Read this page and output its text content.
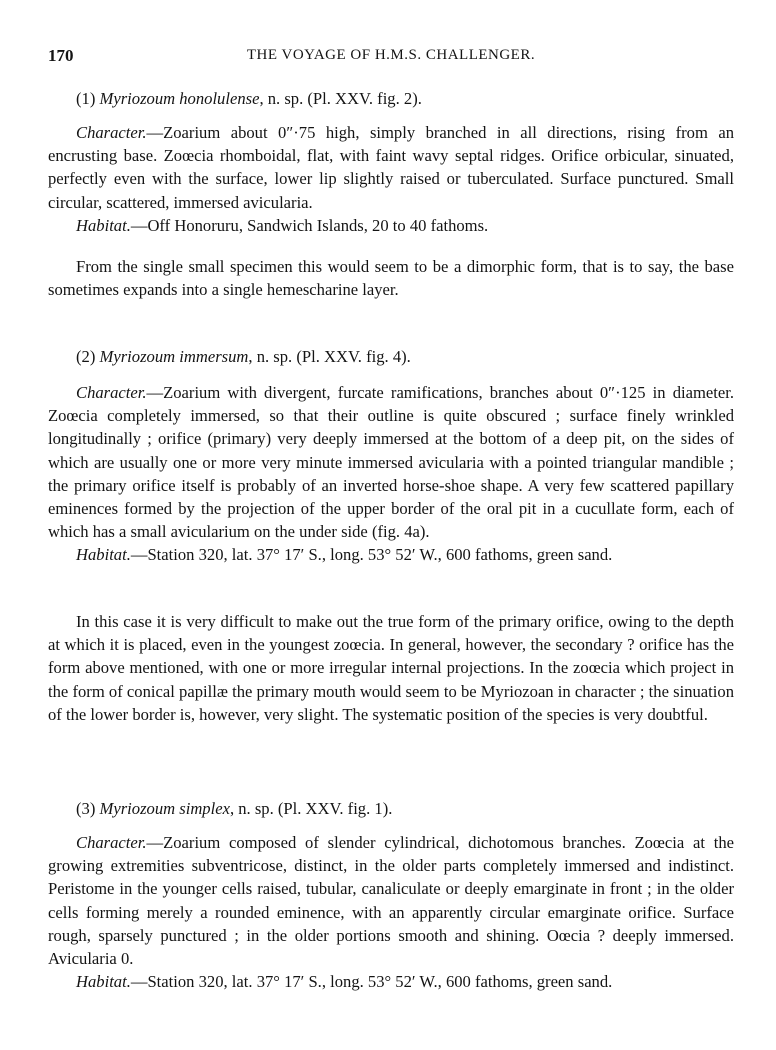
170	THE VOYAGE OF H.M.S. CHALLENGER.
(1) Myriozoum honolulense, n. sp. (Pl. XXV. fig. 2).

Character.—Zoarium about 0″·75 high, simply branched in all directions, rising from an encrusting base. Zoœcia rhomboidal, flat, with faint wavy septal ridges. Orifice orbicular, sinuated, perfectly even with the surface, lower lip slightly raised or tuberculated. Surface punctured. Small circular, scattered, immersed avicularia.

Habitat.—Off Honoruru, Sandwich Islands, 20 to 40 fathoms.

From the single small specimen this would seem to be a dimorphic form, that is to say, the base sometimes expands into a single hemescharine layer.

(2) Myriozoum immersum, n. sp. (Pl. XXV. fig. 4).

Character.—Zoarium with divergent, furcate ramifications, branches about 0″·125 in diameter. Zoœcia completely immersed, so that their outline is quite obscured ; surface finely wrinkled longitudinally ; orifice (primary) very deeply immersed at the bottom of a deep pit, on the sides of which are usually one or more very minute immersed avicularia with a pointed triangular mandible ; the primary orifice itself is probably of an inverted horse-shoe shape. A very few scattered papillary eminences formed by the projection of the upper border of the oral pit in a cucullate form, each of which has a small avicularium on the under side (fig. 4a).

Habitat.—Station 320, lat. 37° 17′ S., long. 53° 52′ W., 600 fathoms, green sand.

In this case it is very difficult to make out the true form of the primary orifice, owing to the depth at which it is placed, even in the youngest zoœcia. In general, however, the secondary ? orifice has the form above mentioned, with one or more irregular internal projections. In the zoœcia which project in the form of conical papillæ the primary mouth would seem to be Myriozoan in character ; the sinuation of the lower border is, however, very slight. The systematic position of the species is very doubtful.

(3) Myriozoum simplex, n. sp. (Pl. XXV. fig. 1).

Character.—Zoarium composed of slender cylindrical, dichotomous branches. Zoœcia at the growing extremities subventricose, distinct, in the older parts completely immersed and indistinct. Peristome in the younger cells raised, tubular, canaliculate or deeply emarginate in front ; in the older cells forming merely a rounded eminence, with an apparently circular emarginate orifice. Surface rough, sparsely punctured ; in the older portions smooth and shining. Oœcia ? deeply immersed. Avicularia 0.

Habitat.—Station 320, lat. 37° 17′ S., long. 53° 52′ W., 600 fathoms, green sand.
